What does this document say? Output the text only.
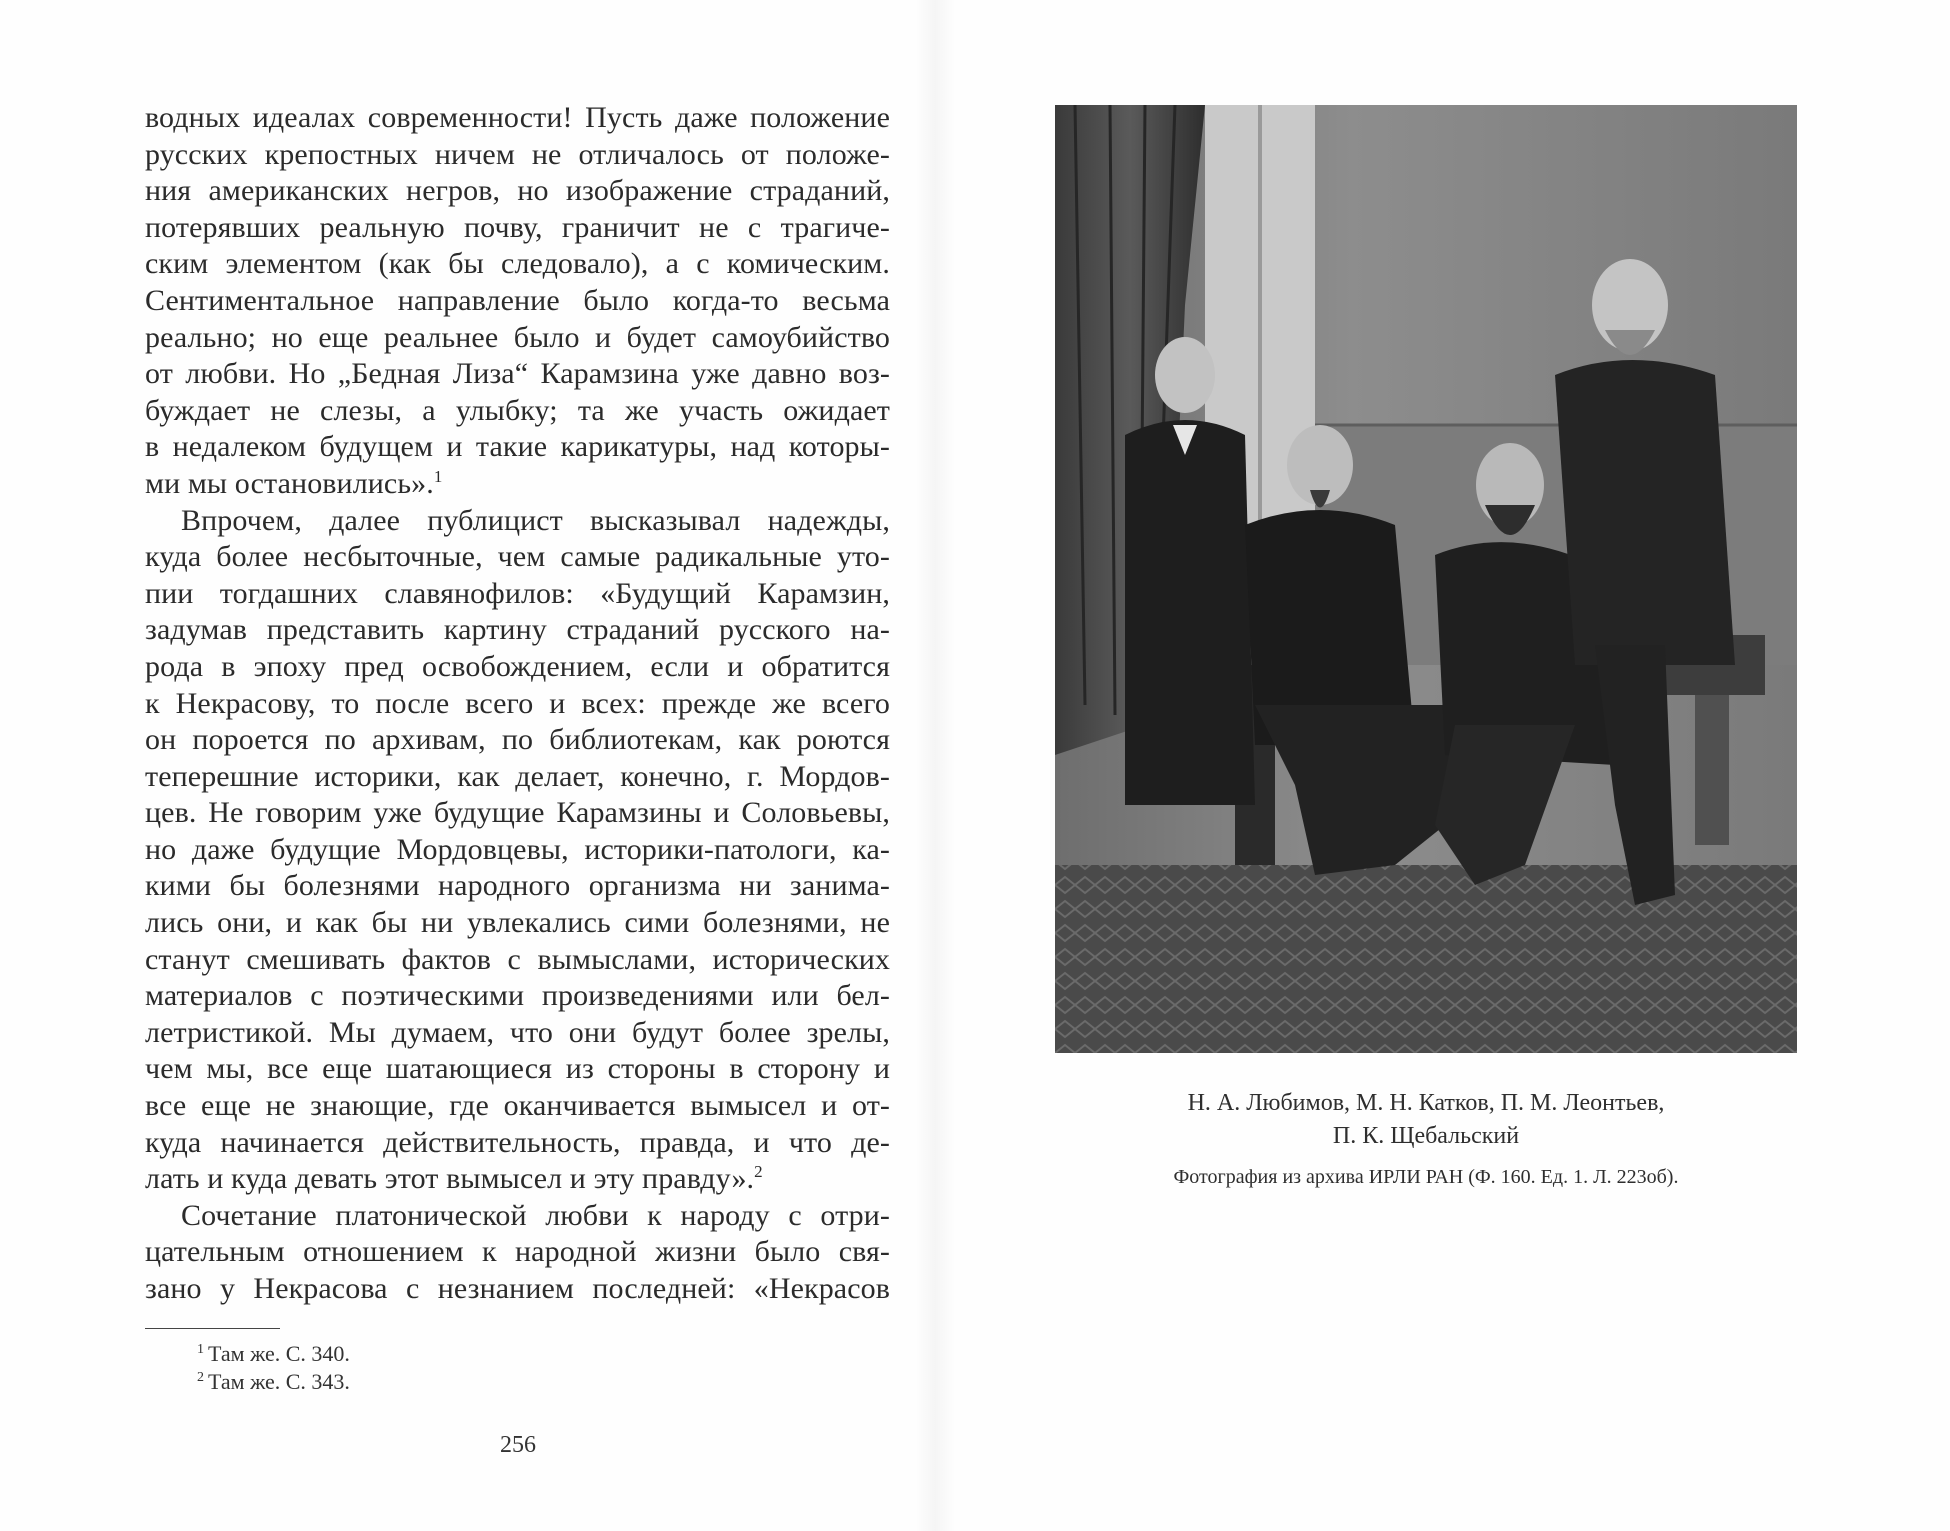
водных идеалах современности! Пусть даже положение
русских крепостных ничем не отличалось от положе-
ния американских негров, но изображение страданий,
потерявших реальную почву, граничит не с трагиче-
ским элементом (как бы следовало), а с комическим.
Сентиментальное направление было когда-то весьма
реально; но еще реальнее было и будет самоубийство
от любви. Но „Бедная Лиза“ Карамзина уже давно воз-
буждает не слезы, а улыбку; та же участь ожидает
в недалеком будущем и такие карикатуры, над которы-
ми мы остановились».$^1$
Впрочем, далее публицист высказывал надежды,
куда более несбыточные, чем самые радикальные уто-
пии тогдашних славянофилов: «Будущий Карамзин,
задумав представить картину страданий русского на-
рода в эпоху пред освобождением, если и обратится
к Некрасову, то после всего и всех: прежде же всего
он пороется по архивам, по библиотекам, как роются
теперешние историки, как делает, конечно, г. Мордов-
цев. Не говорим уже будущие Карамзины и Соловьевы,
но даже будущие Мордовцевы, историки-патологи, ка-
кими бы болезнями народного организма ни занима-
лись они, и как бы ни увлекались сими болезнями, не
станут смешивать фактов с вымыслами, исторических
материалов с поэтическими произведениями или бел-
летристикой. Мы думаем, что они будут более зрелы,
чем мы, все еще шатающиеся из стороны в сторону и
все еще не знающие, где оканчивается вымысел и от-
куда начинается действительность, правда, и что де-
лать и куда девать этот вымысел и эту правду».$^2$
Сочетание платонической любви к народу с отри-
цательным отношением к народной жизни было свя-
зано у Некрасова с незнанием последней: «Некрасов
$^1$ Там же. С. 340.
$^2$ Там же. С. 343.
256
Н. А. Любимов, М. Н. Катков, П. М. Леонтьев,
П. К. Щебальский
Фотография из архива ИРЛИ РАН (Ф. 160. Ед. 1. Л. 223об).
